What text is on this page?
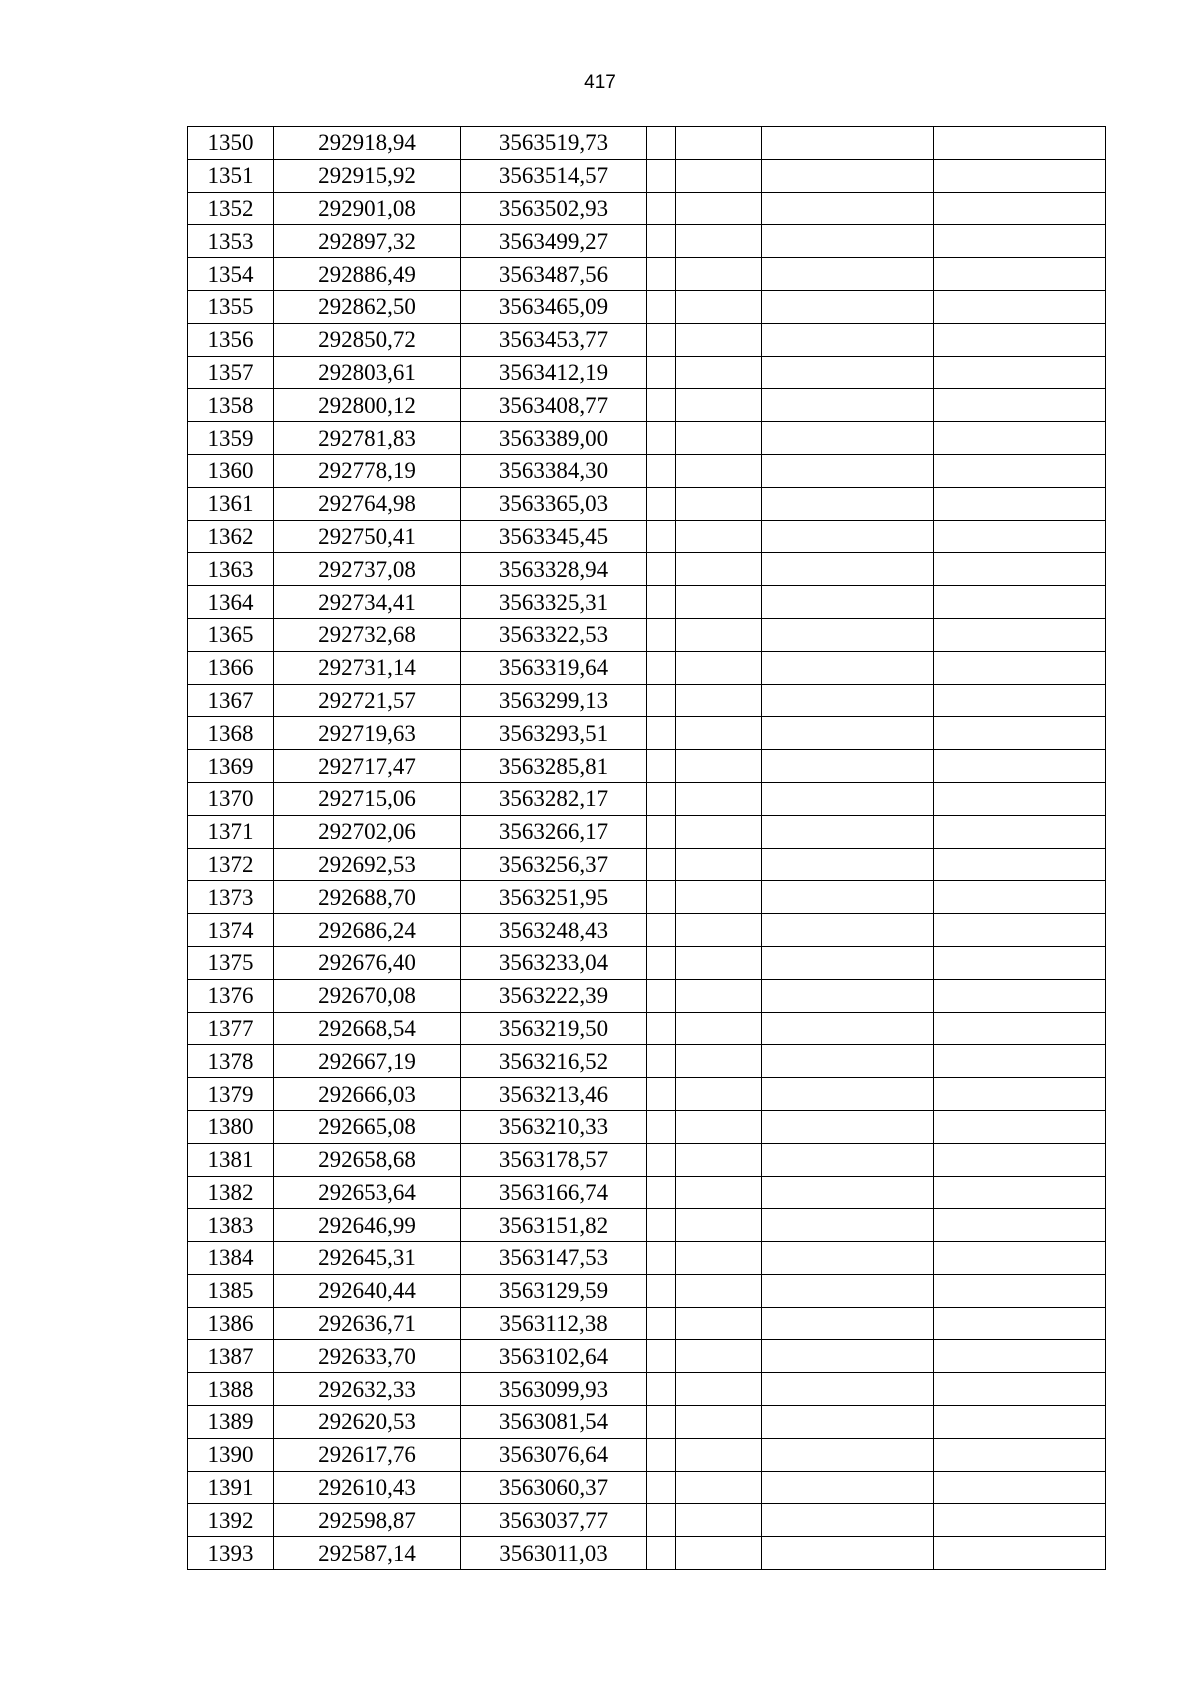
417
1350	292918,94	3563519,73				
1351	292915,92	3563514,57				
1352	292901,08	3563502,93				
1353	292897,32	3563499,27				
1354	292886,49	3563487,56				
1355	292862,50	3563465,09				
1356	292850,72	3563453,77				
1357	292803,61	3563412,19				
1358	292800,12	3563408,77				
1359	292781,83	3563389,00				
1360	292778,19	3563384,30				
1361	292764,98	3563365,03				
1362	292750,41	3563345,45				
1363	292737,08	3563328,94				
1364	292734,41	3563325,31				
1365	292732,68	3563322,53				
1366	292731,14	3563319,64				
1367	292721,57	3563299,13				
1368	292719,63	3563293,51				
1369	292717,47	3563285,81				
1370	292715,06	3563282,17				
1371	292702,06	3563266,17				
1372	292692,53	3563256,37				
1373	292688,70	3563251,95				
1374	292686,24	3563248,43				
1375	292676,40	3563233,04				
1376	292670,08	3563222,39				
1377	292668,54	3563219,50				
1378	292667,19	3563216,52				
1379	292666,03	3563213,46				
1380	292665,08	3563210,33				
1381	292658,68	3563178,57				
1382	292653,64	3563166,74				
1383	292646,99	3563151,82				
1384	292645,31	3563147,53				
1385	292640,44	3563129,59				
1386	292636,71	3563112,38				
1387	292633,70	3563102,64				
1388	292632,33	3563099,93				
1389	292620,53	3563081,54				
1390	292617,76	3563076,64				
1391	292610,43	3563060,37				
1392	292598,87	3563037,77				
1393	292587,14	3563011,03				
